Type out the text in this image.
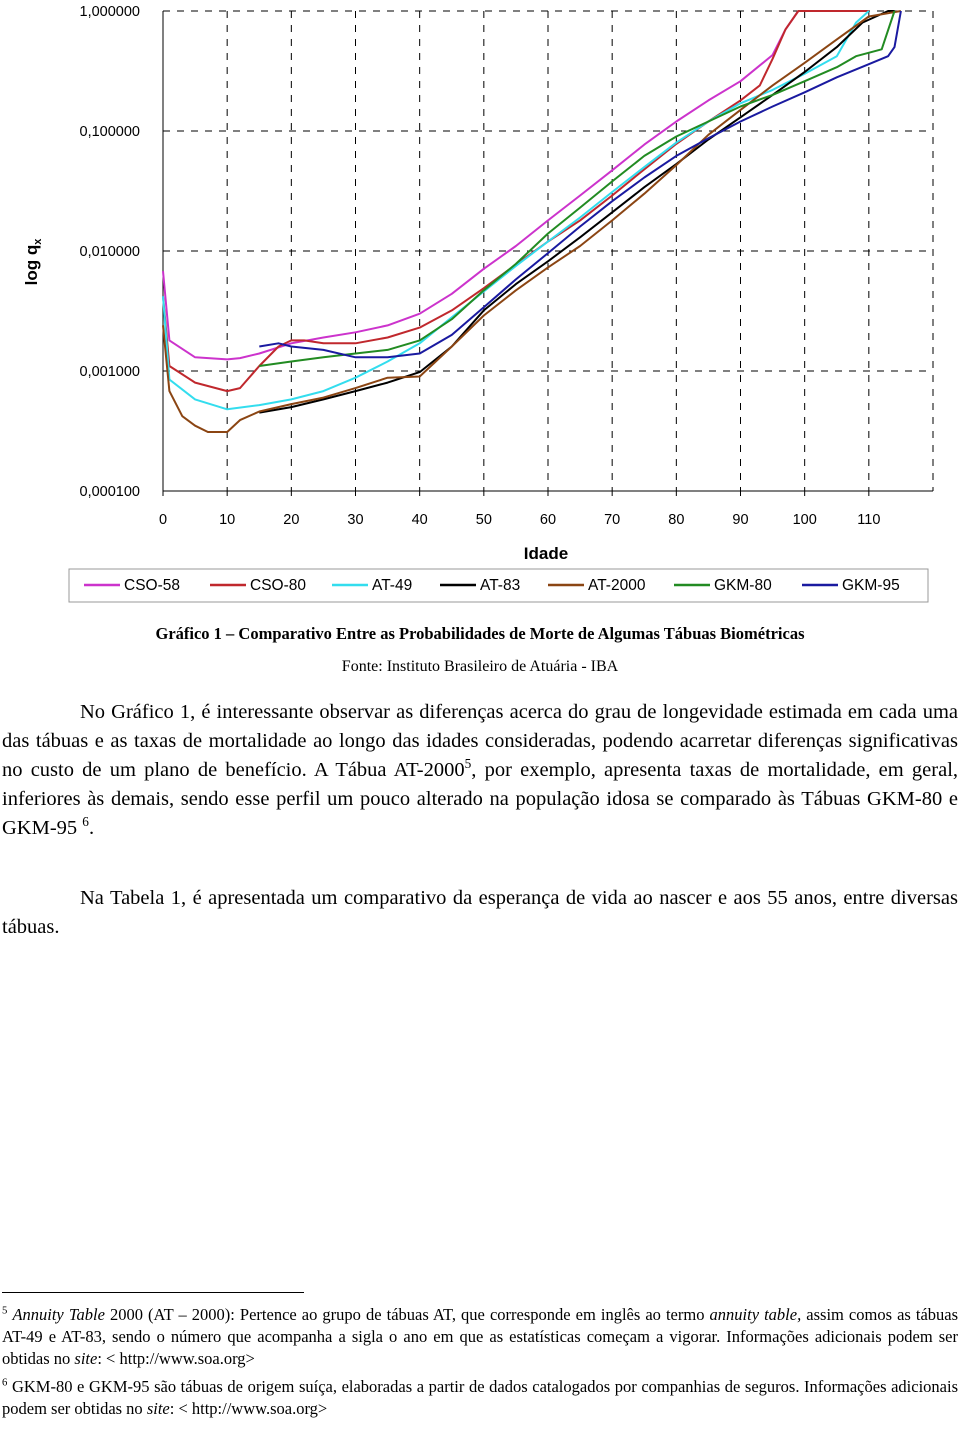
1,000000
0,100000
0,010000
0,001000
0,000100
0	10	20	30	40	50	60	70	80	90	100	110
Idade
$\log q_x$
CSO-58	CSO-80	AT-49	AT-83	AT-2000	GKM-80	GKM-95
Gráfico 1 – Comparativo Entre as Probabilidades de Morte de Algumas Tábuas Biométricas
Fonte: Instituto Brasileiro de Atuária - IBA
No Gráfico 1, é interessante observar as diferenças acerca do grau de longevidade estimada em cada uma das tábuas e as taxas de mortalidade ao longo das idades consideradas, podendo acarretar diferenças significativas no custo de um plano de benefício. A Tábua AT-2000$^5$, por exemplo, apresenta taxas de mortalidade, em geral, inferiores às demais, sendo esse perfil um pouco alterado na população idosa se comparado às Tábuas GKM-80 e GKM-95 $^6$.
Na Tabela 1, é apresentada um comparativo da esperança de vida ao nascer e aos 55 anos, entre diversas tábuas.
$^5$ Annuity Table 2000 (AT – 2000): Pertence ao grupo de tábuas AT, que corresponde em inglês ao termo annuity table, assim comos as tábuas AT-49 e AT-83, sendo o número que acompanha a sigla o ano em que as estatísticas começam a vigorar. Informações adicionais podem ser obtidas no site: < http://www.soa.org>
$^6$ GKM-80 e GKM-95 são tábuas de origem suíça, elaboradas a partir de dados catalogados por companhias de seguros. Informações adicionais podem ser obtidas no site: < http://www.soa.org>
